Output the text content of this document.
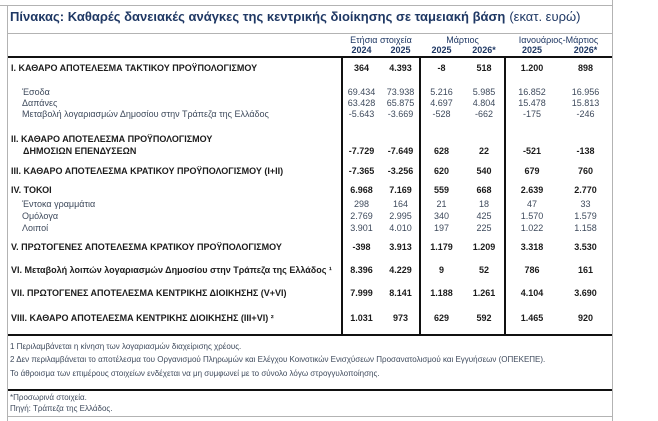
Πίνακας: Καθαρές δανειακές ανάγκες της κεντρικής διοίκησης σε ταμειακή βάση (εκατ. ευρώ)
Ετήσια στοιχεία	Μάρτιος	Ιανουάριος-Μάρτιος
2024	2025	2025	2026*	2025	2026*
I. ΚΑΘΑΡΟ ΑΠΟΤΕΛΕΣΜΑ ΤΑΚΤΙΚΟΥ ΠΡΟΫΠΟΛΟΓΙΣΜΟΥ	364	4.393	-8	518	1.200	898
Έσοδα	69.434	73.938	5.216	5.985	16.852	16.956
Δαπάνες	63.428	65.875	4.697	4.804	15.478	15.813
Μεταβολή λογαριασμών Δημοσίου στην Τράπεζα της Ελλάδος	-5.643	-3.669	-528	-662	-175	-246
II. ΚΑΘΑΡΟ ΑΠΟΤΕΛΕΣΜΑ ΠΡΟΫΠΟΛΟΓΙΣΜΟΥ
ΔΗΜΟΣΙΩΝ ΕΠΕΝΔΥΣΕΩΝ	-7.729	-7.649	628	22	-521	-138
III. ΚΑΘΑΡΟ ΑΠΟΤΕΛΕΣΜΑ ΚΡΑΤΙΚΟΥ ΠΡΟΫΠΟΛΟΓΙΣΜΟΥ (I+II)	-7.365	-3.256	620	540	679	760
IV. ΤΟΚΟΙ	6.968	7.169	559	668	2.639	2.770
Έντοκα γραμμάτια	298	164	21	18	47	33
Ομόλογα	2.769	2.995	340	425	1.570	1.579
Λοιποί	3.901	4.010	197	225	1.022	1.158
V. ΠΡΩΤΟΓΕΝΕΣ ΑΠΟΤΕΛΕΣΜΑ ΚΡΑΤΙΚΟΥ ΠΡΟΫΠΟΛΟΓΙΣΜΟΥ	-398	3.913	1.179	1.209	3.318	3.530
VI. Μεταβολή λοιπών λογαριασμών Δημοσίου στην Τράπεζα της Ελλάδος ¹	8.396	4.229	9	52	786	161
VII. ΠΡΩΤΟΓΕΝΕΣ ΑΠΟΤΕΛΕΣΜΑ ΚΕΝΤΡΙΚΗΣ ΔΙΟΙΚΗΣΗΣ (V+VI)	7.999	8.141	1.188	1.261	4.104	3.690
VIII. ΚΑΘΑΡΟ ΑΠΟΤΕΛΕΣΜΑ ΚΕΝΤΡΙΚΗΣ ΔΙΟΙΚΗΣΗΣ (III+VI) ²	1.031	973	629	592	1.465	920
1 Περιλαμβάνεται η κίνηση των λογαριασμών διαχείρισης χρέους.
2 Δεν περιλαμβάνεται το αποτέλεσμα του Οργανισμού Πληρωμών και Ελέγχου Κοινοτικών Ενισχύσεων Προσανατολισμού και Εγγυήσεων (ΟΠΕΚΕΠΕ).
Το άθροισμα των επιμέρους στοιχείων ενδέχεται να μη συμφωνεί με το σύνολο λόγω στρογγυλοποίησης.
*Προσωρινά στοιχεία.
Πηγή: Τράπεζα της Ελλάδος.
